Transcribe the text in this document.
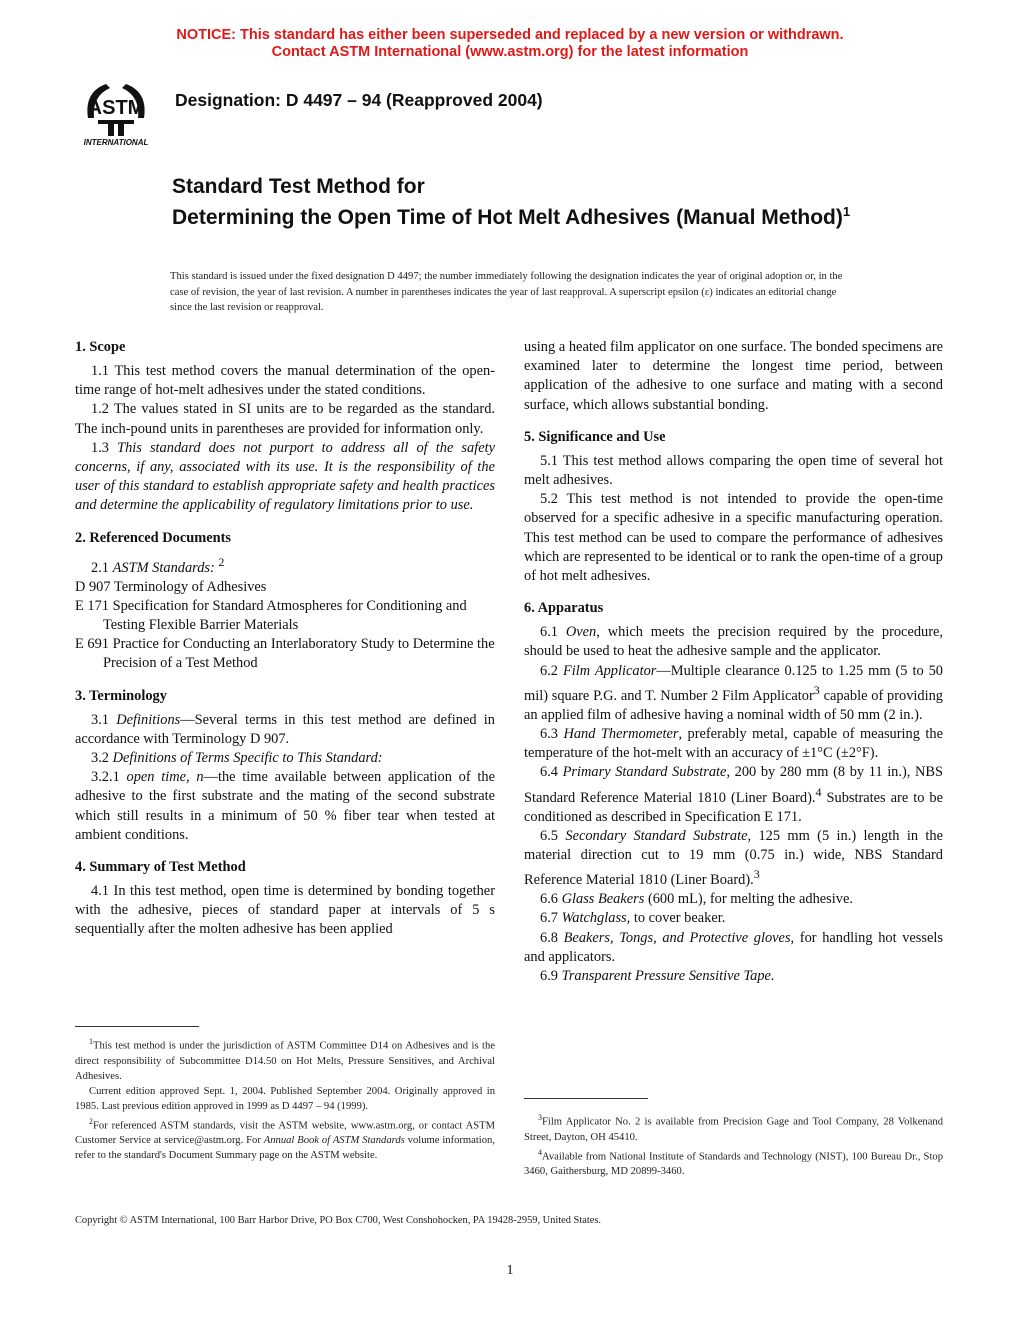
NOTICE: This standard has either been superseded and replaced by a new version or withdrawn.
Contact ASTM International (www.astm.org) for the latest information
ASTM
INTERNATIONAL
Designation: D 4497 – 94 (Reapproved 2004)
Standard Test Method for
Determining the Open Time of Hot Melt Adhesives (Manual Method)$^1$
This standard is issued under the fixed designation D 4497; the number immediately following the designation indicates the year of original adoption or, in the case of revision, the year of last revision. A number in parentheses indicates the year of last reapproval. A superscript epsilon (ε) indicates an editorial change since the last revision or reapproval.
1. Scope

1.1 This test method covers the manual determination of the open-time range of hot-melt adhesives under the stated conditions.

1.2 The values stated in SI units are to be regarded as the standard. The inch-pound units in parentheses are provided for information only.

1.3 This standard does not purport to address all of the safety concerns, if any, associated with its use. It is the responsibility of the user of this standard to establish appropriate safety and health practices and determine the applicability of regulatory limitations prior to use.

2. Referenced Documents

2.1 ASTM Standards: $^2$

D 907 Terminology of Adhesives

E 171 Specification for Standard Atmospheres for Conditioning and Testing Flexible Barrier Materials

E 691 Practice for Conducting an Interlaboratory Study to Determine the Precision of a Test Method

3. Terminology

3.1 Definitions—Several terms in this test method are defined in accordance with Terminology D 907.

3.2 Definitions of Terms Specific to This Standard:

3.2.1 open time, n—the time available between application of the adhesive to the first substrate and the mating of the second substrate which still results in a minimum of 50 % fiber tear when tested at ambient conditions.

4. Summary of Test Method

4.1 In this test method, open time is determined by bonding together with the adhesive, pieces of standard paper at intervals of 5 s sequentially after the molten adhesive has been applied

using a heated film applicator on one surface. The bonded specimens are examined later to determine the longest time period, between application of the adhesive to one surface and mating with a second surface, which allows substantial bonding.

5. Significance and Use

5.1 This test method allows comparing the open time of several hot melt adhesives.

5.2 This test method is not intended to provide the open-time observed for a specific adhesive in a specific manufacturing operation. This test method can be used to compare the performance of adhesives which are represented to be identical or to rank the open-time of a group of hot melt adhesives.

6. Apparatus

6.1 Oven, which meets the precision required by the procedure, should be used to heat the adhesive sample and the applicator.

6.2 Film Applicator—Multiple clearance 0.125 to 1.25 mm (5 to 50 mil) square P.G. and T. Number 2 Film Applicator$^3$ capable of providing an applied film of adhesive having a nominal width of 50 mm (2 in.).

6.3 Hand Thermometer, preferably metal, capable of measuring the temperature of the hot-melt with an accuracy of ±1°C (±2°F).

6.4 Primary Standard Substrate, 200 by 280 mm (8 by 11 in.), NBS Standard Reference Material 1810 (Liner Board).$^4$ Substrates are to be conditioned as described in Specification E 171.

6.5 Secondary Standard Substrate, 125 mm (5 in.) length in the material direction cut to 19 mm (0.75 in.) wide, NBS Standard Reference Material 1810 (Liner Board).$^3$

6.6 Glass Beakers (600 mL), for melting the adhesive.

6.7 Watchglass, to cover beaker.

6.8 Beakers, Tongs, and Protective gloves, for handling hot vessels and applicators.

6.9 Transparent Pressure Sensitive Tape.

$^1$This test method is under the jurisdiction of ASTM Committee D14 on Adhesives and is the direct responsibility of Subcommittee D14.50 on Hot Melts, Pressure Sensitives, and Archival Adhesives.

Current edition approved Sept. 1, 2004. Published September 2004. Originally approved in 1985. Last previous edition approved in 1999 as D 4497 – 94 (1999).

$^2$For referenced ASTM standards, visit the ASTM website, www.astm.org, or contact ASTM Customer Service at service@astm.org. For Annual Book of ASTM Standards volume information, refer to the standard's Document Summary page on the ASTM website.

$^3$Film Applicator No. 2 is available from Precision Gage and Tool Company, 28 Volkenand Street, Dayton, OH 45410.

$^4$Available from National Institute of Standards and Technology (NIST), 100 Bureau Dr., Stop 3460, Gaithersburg, MD 20899-3460.

Copyright © ASTM International, 100 Barr Harbor Drive, PO Box C700, West Conshohocken, PA 19428-2959, United States.
1
